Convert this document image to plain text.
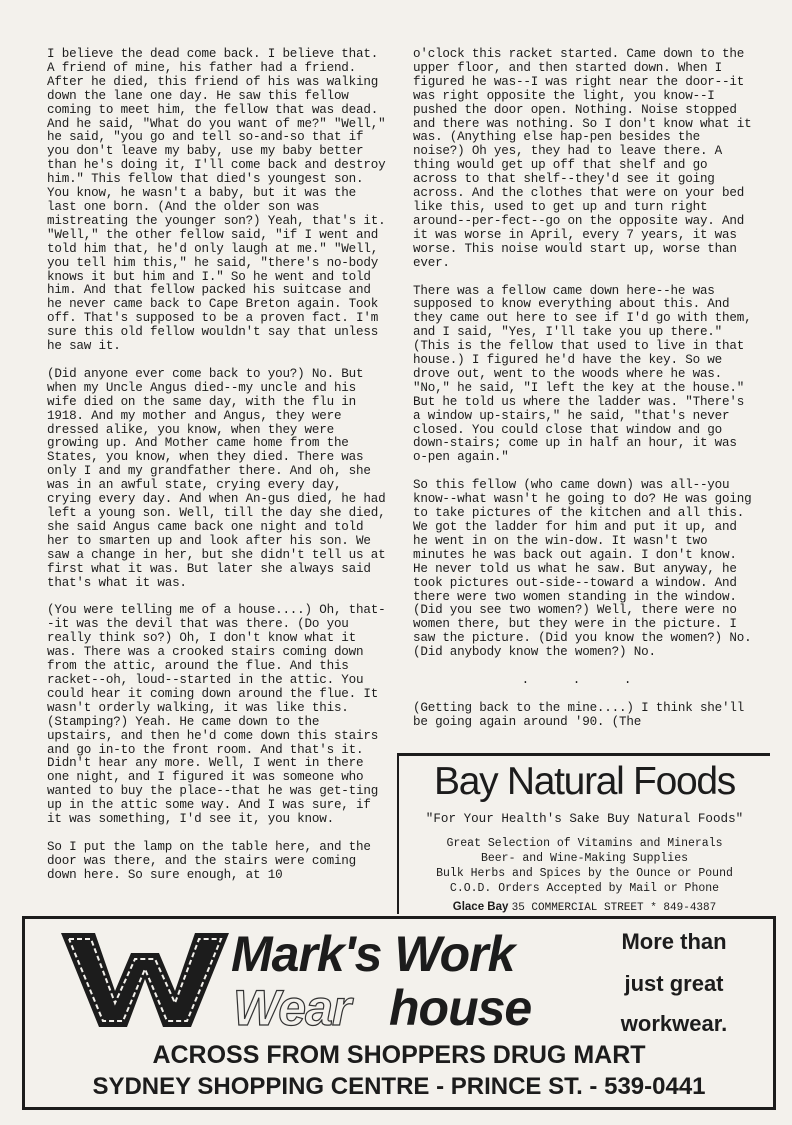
I believe the dead come back. I believe that. A friend of mine, his father had a friend. After he died, this friend of his was walking down the lane one day. He saw this fellow coming to meet him, the fellow that was dead. And he said, "What do you want of me?" "Well," he said, "you go and tell so-and-so that if you don't leave my baby, use my baby better than he's doing it, I'll come back and destroy him." This fellow that died's youngest son. You know, he wasn't a baby, but it was the last one born. (And the older son was mistreating the younger son?) Yeah, that's it. "Well," the other fellow said, "if I went and told him that, he'd only laugh at me." "Well, you tell him this," he said, "there's no-body knows it but him and I." So he went and told him. And that fellow packed his suitcase and he never came back to Cape Breton again. Took off. That's supposed to be a proven fact. I'm sure this old fellow wouldn't say that unless he saw it.

(Did anyone ever come back to you?) No. But when my Uncle Angus died--my uncle and his wife died on the same day, with the flu in 1918. And my mother and Angus, they were dressed alike, you know, when they were growing up. And Mother came home from the States, you know, when they died. There was only I and my grandfather there. And oh, she was in an awful state, crying every day, crying every day. And when An-gus died, he had left a young son. Well, till the day she died, she said Angus came back one night and told her to smarten up and look after his son. We saw a change in her, but she didn't tell us at first what it was. But later she always said that's what it was.

(You were telling me of a house....) Oh, that--it was the devil that was there. (Do you really think so?) Oh, I don't know what it was. There was a crooked stairs coming down from the attic, around the flue. And this racket--oh, loud--started in the attic. You could hear it coming down around the flue. It wasn't orderly walking, it was like this. (Stamping?) Yeah. He came down to the upstairs, and then he'd come down this stairs and go in-to the front room. And that's it. Didn't hear any more. Well, I went in there one night, and I figured it was someone who wanted to buy the place--that he was get-ting up in the attic some way. And I was sure, if it was something, I'd see it, you know.

So I put the lamp on the table here, and the door was there, and the stairs were coming down here. So sure enough, at 10

o'clock this racket started. Came down to the upper floor, and then started down. When I figured he was--I was right near the door--it was right opposite the light, you know--I pushed the door open. Nothing. Noise stopped and there was nothing. So I don't know what it was. (Anything else hap-pen besides the noise?) Oh yes, they had to leave there. A thing would get up off that shelf and go across to that shelf--they'd see it going across. And the clothes that were on your bed like this, used to get up and turn right around--per-fect--go on the opposite way. And it was worse in April, every 7 years, it was worse. This noise would start up, worse than ever.

There was a fellow came down here--he was supposed to know everything about this. And they came out here to see if I'd go with them, and I said, "Yes, I'll take you up there." (This is the fellow that used to live in that house.) I figured he'd have the key. So we drove out, went to the woods where he was. "No," he said, "I left the key at the house." But he told us where the ladder was. "There's a window up-stairs," he said, "that's never closed. You could close that window and go down-stairs; come up in half an hour, it was o-pen again."

So this fellow (who came down) was all--you know--what wasn't he going to do? He was going to take pictures of the kitchen and all this. We got the ladder for him and put it up, and he went in on the win-dow. It wasn't two minutes he was back out again. I don't know. He never told us what he saw. But anyway, he took pictures out-side--toward a window. And there were two women standing in the window. (Did you see two women?) Well, there were no women there, but they were in the picture. I saw the picture. (Did you know the women?) No. (Did anybody know the women?) No.

. . .

(Getting back to the mine....) I think she'll be going again around '90. (The

Bay Natural Foods
"For Your Health's Sake Buy Natural Foods"
Great Selection of Vitamins and Minerals
Beer- and Wine-Making Supplies
Bulk Herbs and Spices by the Ounce or Pound
C.O.D. Orders Accepted by Mail or Phone
Glace Bay 35 COMMERCIAL STREET * 849-4387
Mark's Work
Wear house
More than
just great
workwear.
ACROSS FROM SHOPPERS DRUG MART
SYDNEY SHOPPING CENTRE - PRINCE ST. - 539-0441
